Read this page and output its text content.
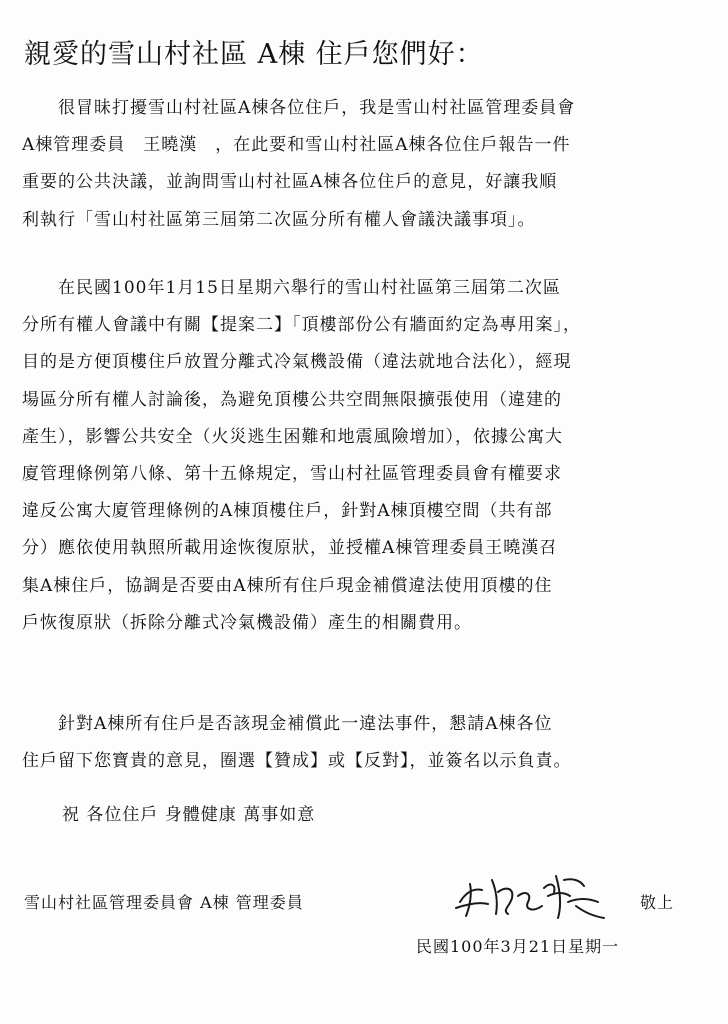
親愛的雪山村社區 A棟 住戶您們好：
　　很冒昧打擾雪山村社區A棟各位住戶，我是雪山村社區管理委員會
A棟管理委員　王曉漢　，在此要和雪山村社區A棟各位住戶報告一件
重要的公共決議，並詢問雪山村社區A棟各位住戶的意見，好讓我順
利執行「雪山村社區第三屆第二次區分所有權人會議決議事項」。
　　在民國100年1月15日星期六舉行的雪山村社區第三屆第二次區
分所有權人會議中有關【提案二】「頂樓部份公有牆面約定為專用案」，
目的是方便頂樓住戶放置分離式冷氣機設備（違法就地合法化），經現
場區分所有權人討論後，為避免頂樓公共空間無限擴張使用（違建的
產生），影響公共安全（火災逃生困難和地震風險增加），依據公寓大
廈管理條例第八條、第十五條規定，雪山村社區管理委員會有權要求
違反公寓大廈管理條例的A棟頂樓住戶，針對A棟頂樓空間（共有部
分）應依使用執照所載用途恢復原狀，並授權A棟管理委員王曉漢召
集A棟住戶，協調是否要由A棟所有住戶現金補償違法使用頂樓的住
戶恢復原狀（拆除分離式冷氣機設備）產生的相關費用。
　　針對A棟所有住戶是否該現金補償此一違法事件，懇請A棟各位
住戶留下您寶貴的意見，圈選【贊成】或【反對】，並簽名以示負責。
祝 各位住戶 身體健康 萬事如意
雪山村社區管理委員會 A棟 管理委員	敬上
民國100年3月21日星期一
